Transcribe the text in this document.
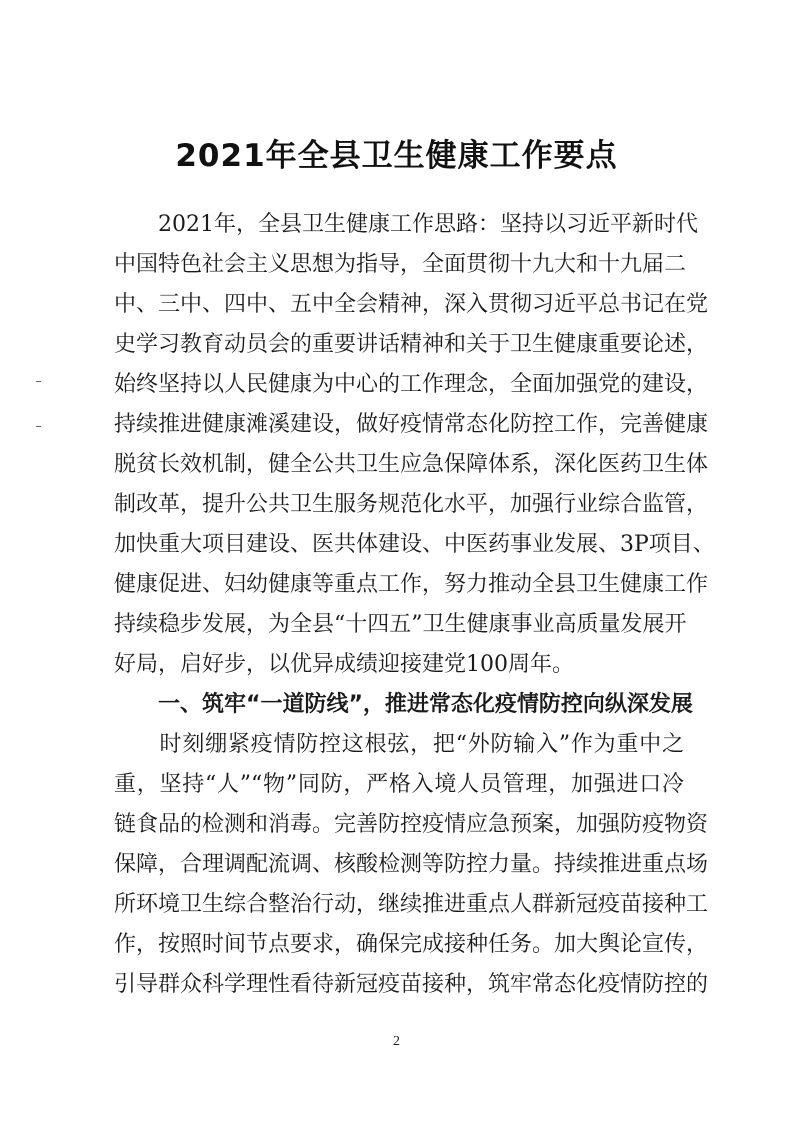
2021年全县卫生健康工作要点
　　2021年，全县卫生健康工作思路：坚持以习近平新时代
中国特色社会主义思想为指导，全面贯彻十九大和十九届二
中、三中、四中、五中全会精神，深入贯彻习近平总书记在党
史学习教育动员会的重要讲话精神和关于卫生健康重要论述，
始终坚持以人民健康为中心的工作理念，全面加强党的建设，
持续推进健康滩溪建设，做好疫情常态化防控工作，完善健康
脱贫长效机制，健全公共卫生应急保障体系，深化医药卫生体
制改革，提升公共卫生服务规范化水平，加强行业综合监管，
加快重大项目建设、医共体建设、中医药事业发展、3P项目、
健康促进、妇幼健康等重点工作，努力推动全县卫生健康工作
持续稳步发展，为全县“十四五”卫生健康事业高质量发展开
好局，启好步，以优异成绩迎接建党100周年。
　　一、筑牢“一道防线”，推进常态化疫情防控向纵深发展
　　时刻绷紧疫情防控这根弦，把“外防输入”作为重中之
重，坚持“人”“物”同防，严格入境人员管理，加强进口冷
链食品的检测和消毒。完善防控疫情应急预案，加强防疫物资
保障，合理调配流调、核酸检测等防控力量。持续推进重点场
所环境卫生综合整治行动，继续推进重点人群新冠疫苗接种工
作，按照时间节点要求，确保完成接种任务。加大舆论宣传，
引导群众科学理性看待新冠疫苗接种，筑牢常态化疫情防控的
2
